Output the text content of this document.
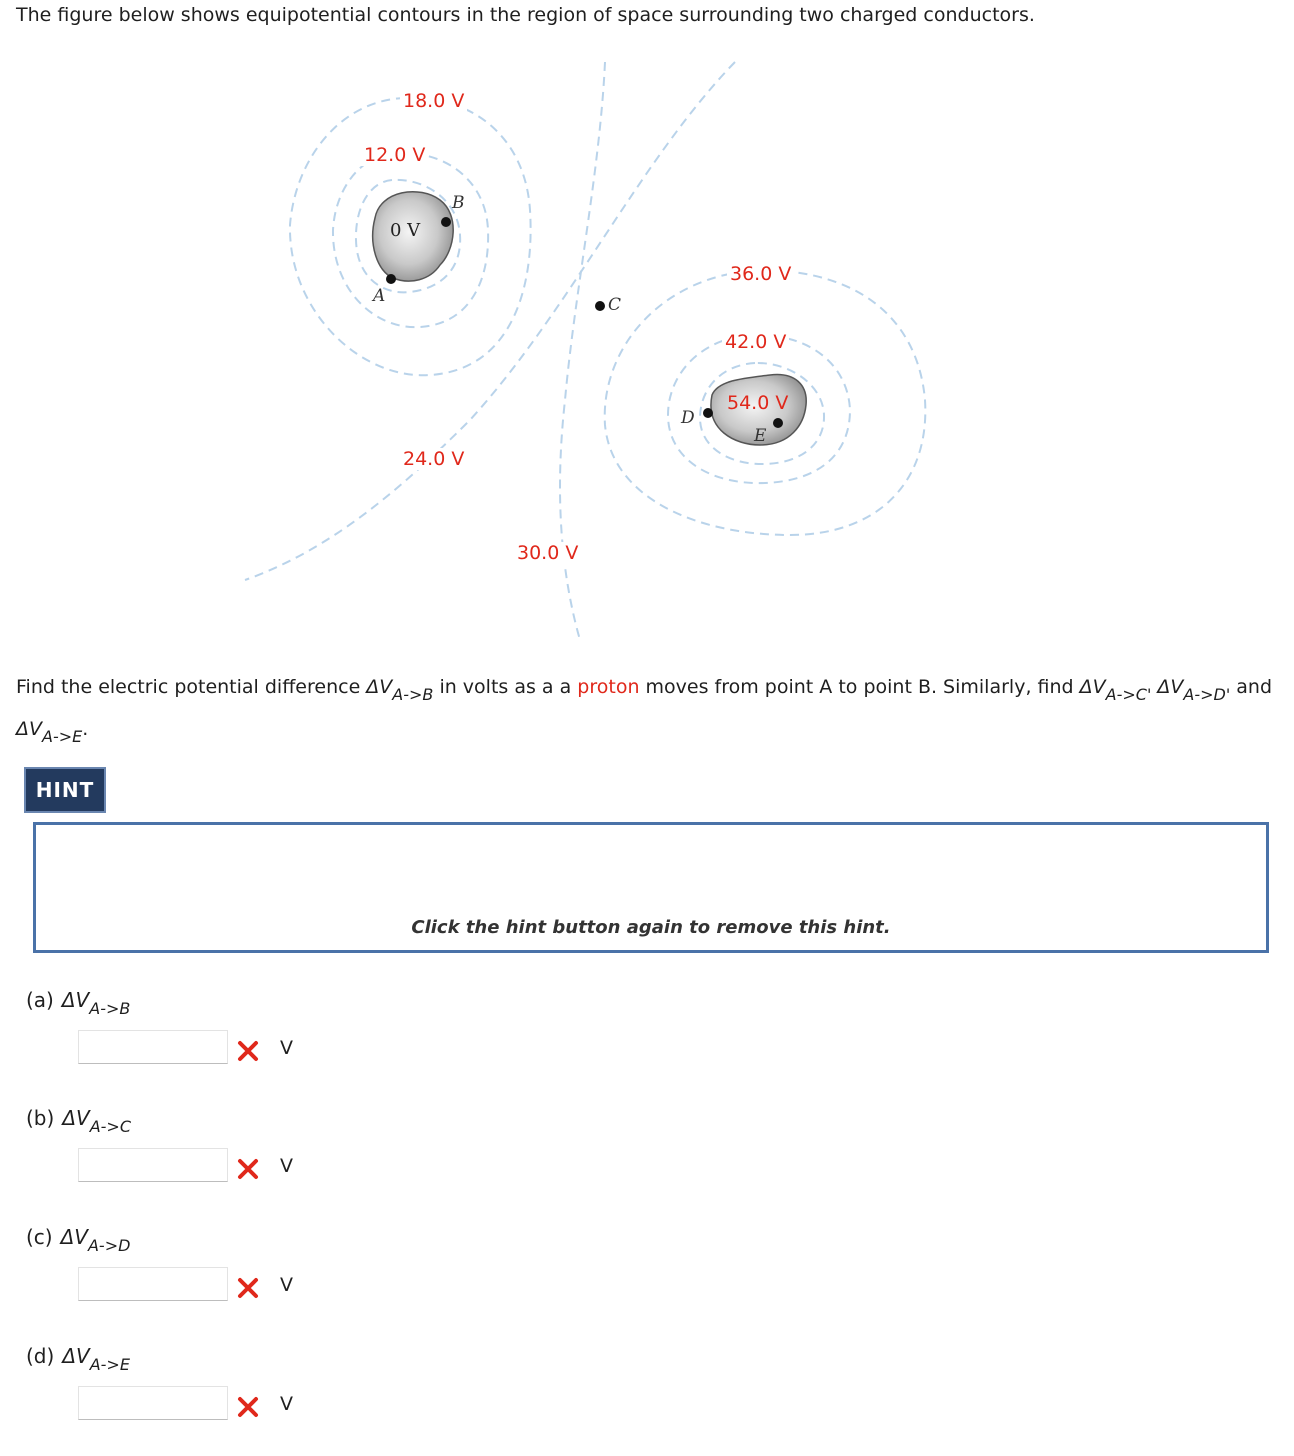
The figure below shows equipotential contours in the region of space surrounding two charged conductors.

18.0 V
12.0 V
36.0 V
42.0 V
54.0 V
24.0 V
30.0 V
0 V
A
B
C
D
E
Find the electric potential difference $\Delta V_{A->B}$ in volts as a a proton moves from point A to point B. Similarly, find $\Delta V_{A->C'}$ $\Delta V_{A->D'}$ and $\Delta V_{A->E}$.
HINT
Click the hint button again to remove this hint.
(a) $\Delta V_{A->B}$
V
(b) $\Delta V_{A->C}$
V
(c) $\Delta V_{A->D}$
V
(d) $\Delta V_{A->E}$
V
